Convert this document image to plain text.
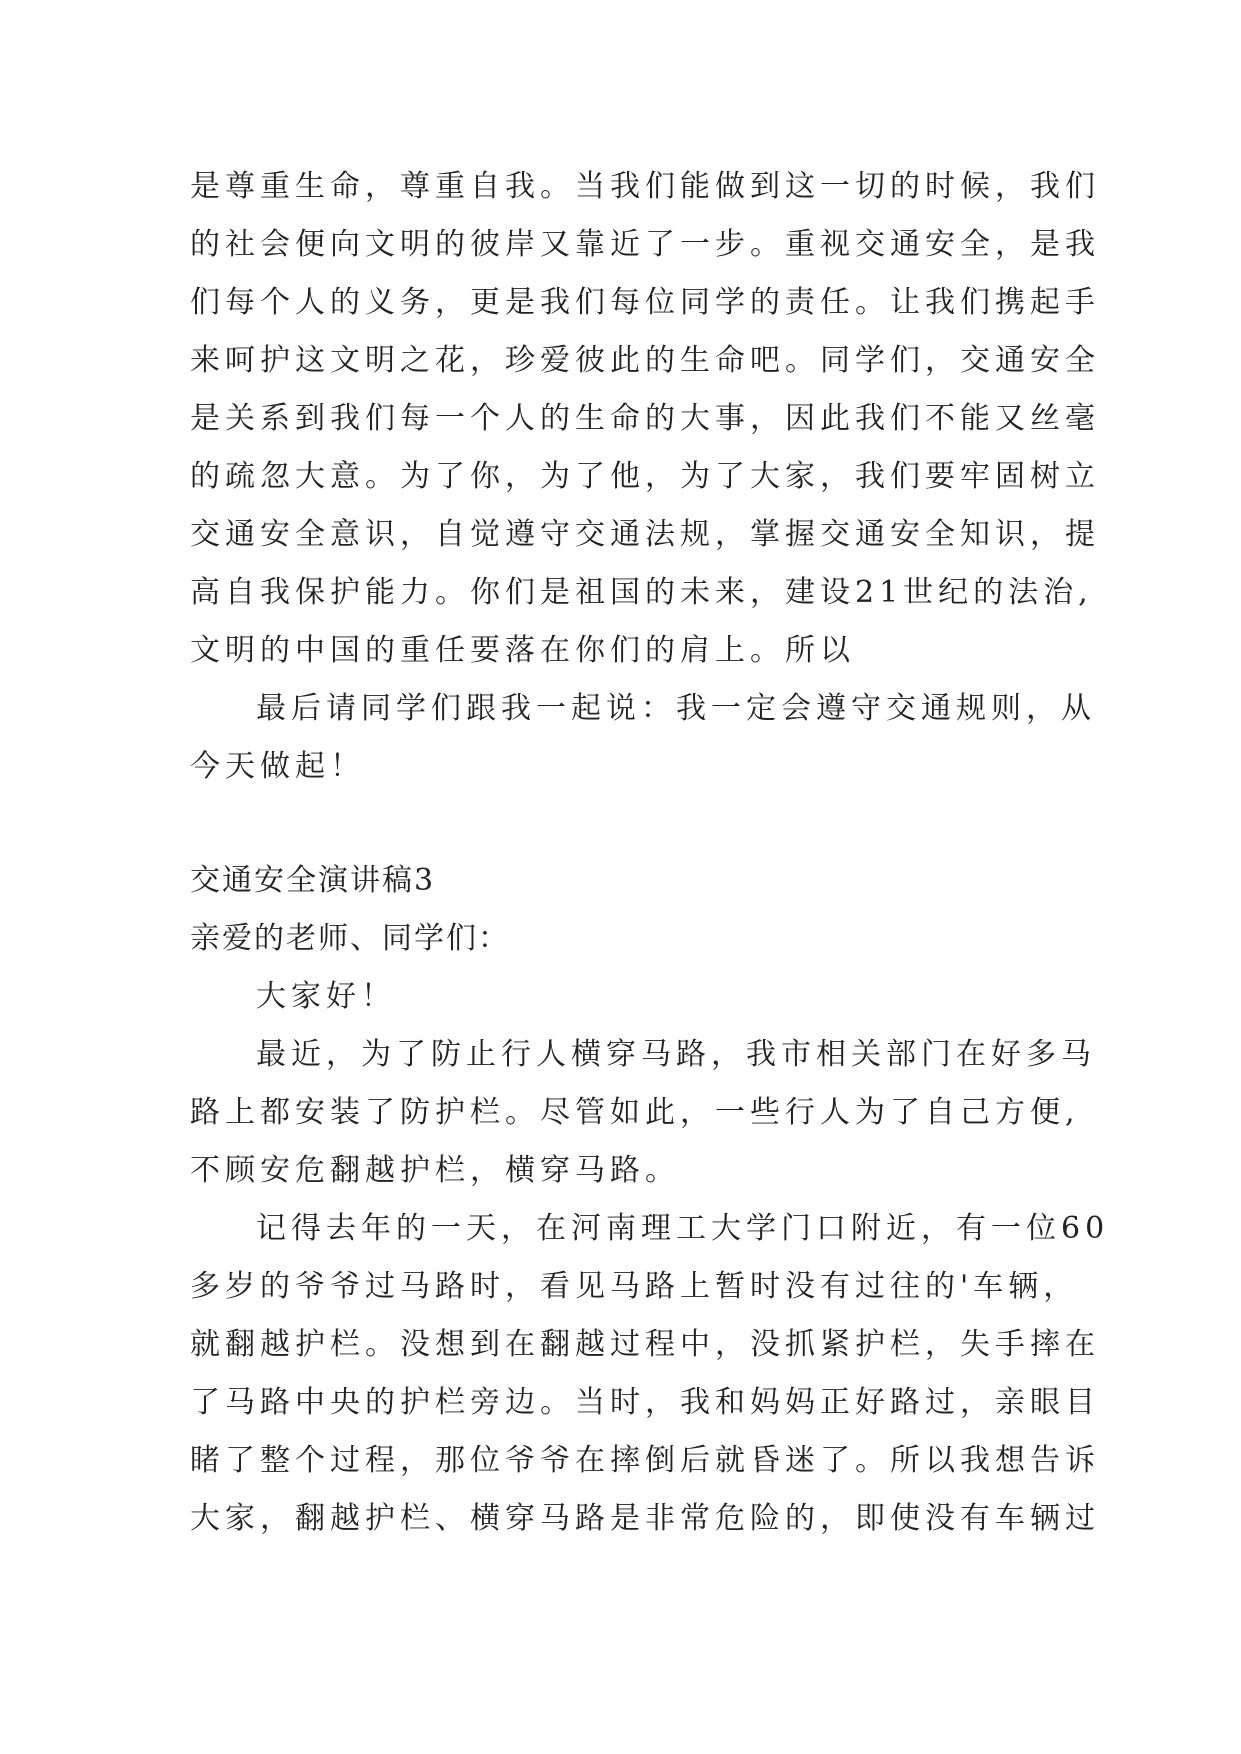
是尊重生命，尊重自我。当我们能做到这一切的时候，我们
的社会便向文明的彼岸又靠近了一步。重视交通安全，是我
们每个人的义务，更是我们每位同学的责任。让我们携起手
来呵护这文明之花，珍爱彼此的生命吧。同学们，交通安全
是关系到我们每一个人的生命的大事，因此我们不能又丝毫
的疏忽大意。为了你，为了他，为了大家，我们要牢固树立
交通安全意识，自觉遵守交通法规，掌握交通安全知识，提
高自我保护能力。你们是祖国的未来，建设21世纪的法治,
文明的中国的重任要落在你们的肩上。所以
最后请同学们跟我一起说：我一定会遵守交通规则，从
今天做起！
交通安全演讲稿3
亲爱的老师、同学们：
大家好！
最近，为了防止行人横穿马路，我市相关部门在好多马
路上都安装了防护栏。尽管如此，一些行人为了自己方便,
不顾安危翻越护栏，横穿马路。
记得去年的一天，在河南理工大学门口附近，有一位60
多岁的爷爷过马路时，看见马路上暂时没有过往的'车辆，
就翻越护栏。没想到在翻越过程中，没抓紧护栏，失手摔在
了马路中央的护栏旁边。当时，我和妈妈正好路过，亲眼目
睹了整个过程，那位爷爷在摔倒后就昏迷了。所以我想告诉
大家，翻越护栏、横穿马路是非常危险的，即使没有车辆过
